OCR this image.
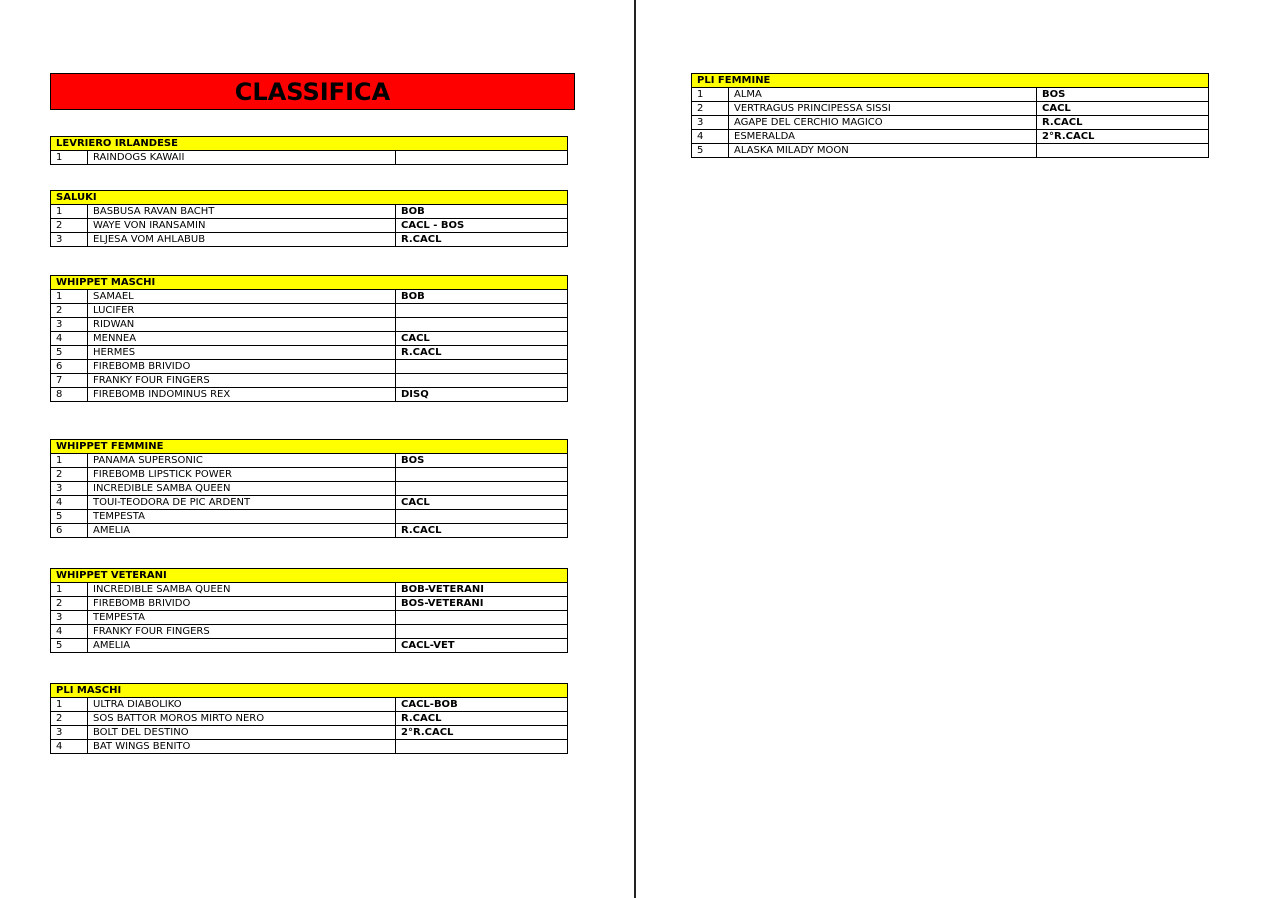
CLASSIFICA
LEVRIERO IRLANDESE
1	RAINDOGS KAWAII	
SALUKI		
1	BASBUSA RAVAN BACHT	BOB
2	WAYE VON IRANSAMIN	CACL - BOS
3	ELJESA VOM AHLABUB	R.CACL
WHIPPET MASCHI		
1	SAMAEL	BOB
2	LUCIFER	
3	RIDWAN	
4	MENNEA	CACL
5	HERMES	R.CACL
6	FIREBOMB BRIVIDO	
7	FRANKY FOUR FINGERS	
8	FIREBOMB INDOMINUS REX	DISQ
WHIPPET FEMMINE		
1	PANAMA SUPERSONIC	BOS
2	FIREBOMB LIPSTICK POWER	
3	INCREDIBLE SAMBA QUEEN	
4	TOUI-TEODORA DE PIC ARDENT	CACL
5	TEMPESTA	
6	AMELIA	R.CACL
WHIPPET VETERANI		
1	INCREDIBLE SAMBA QUEEN	BOB-VETERANI
2	FIREBOMB BRIVIDO	BOS-VETERANI
3	TEMPESTA	
4	FRANKY FOUR FINGERS	
5	AMELIA	CACL-VET
PLI MASCHI		
1	ULTRA DIABOLIKO	CACL-BOB
2	SOS BATTOR MOROS MIRTO NERO	R.CACL
3	BOLT DEL DESTINO	2°R.CACL
4	BAT WINGS BENITO	
PLI FEMMINE		
1	ALMA	BOS
2	VERTRAGUS PRINCIPESSA SISSI	CACL
3	AGAPE DEL CERCHIO MAGICO	R.CACL
4	ESMERALDA	2°R.CACL
5	ALASKA MILADY MOON	
